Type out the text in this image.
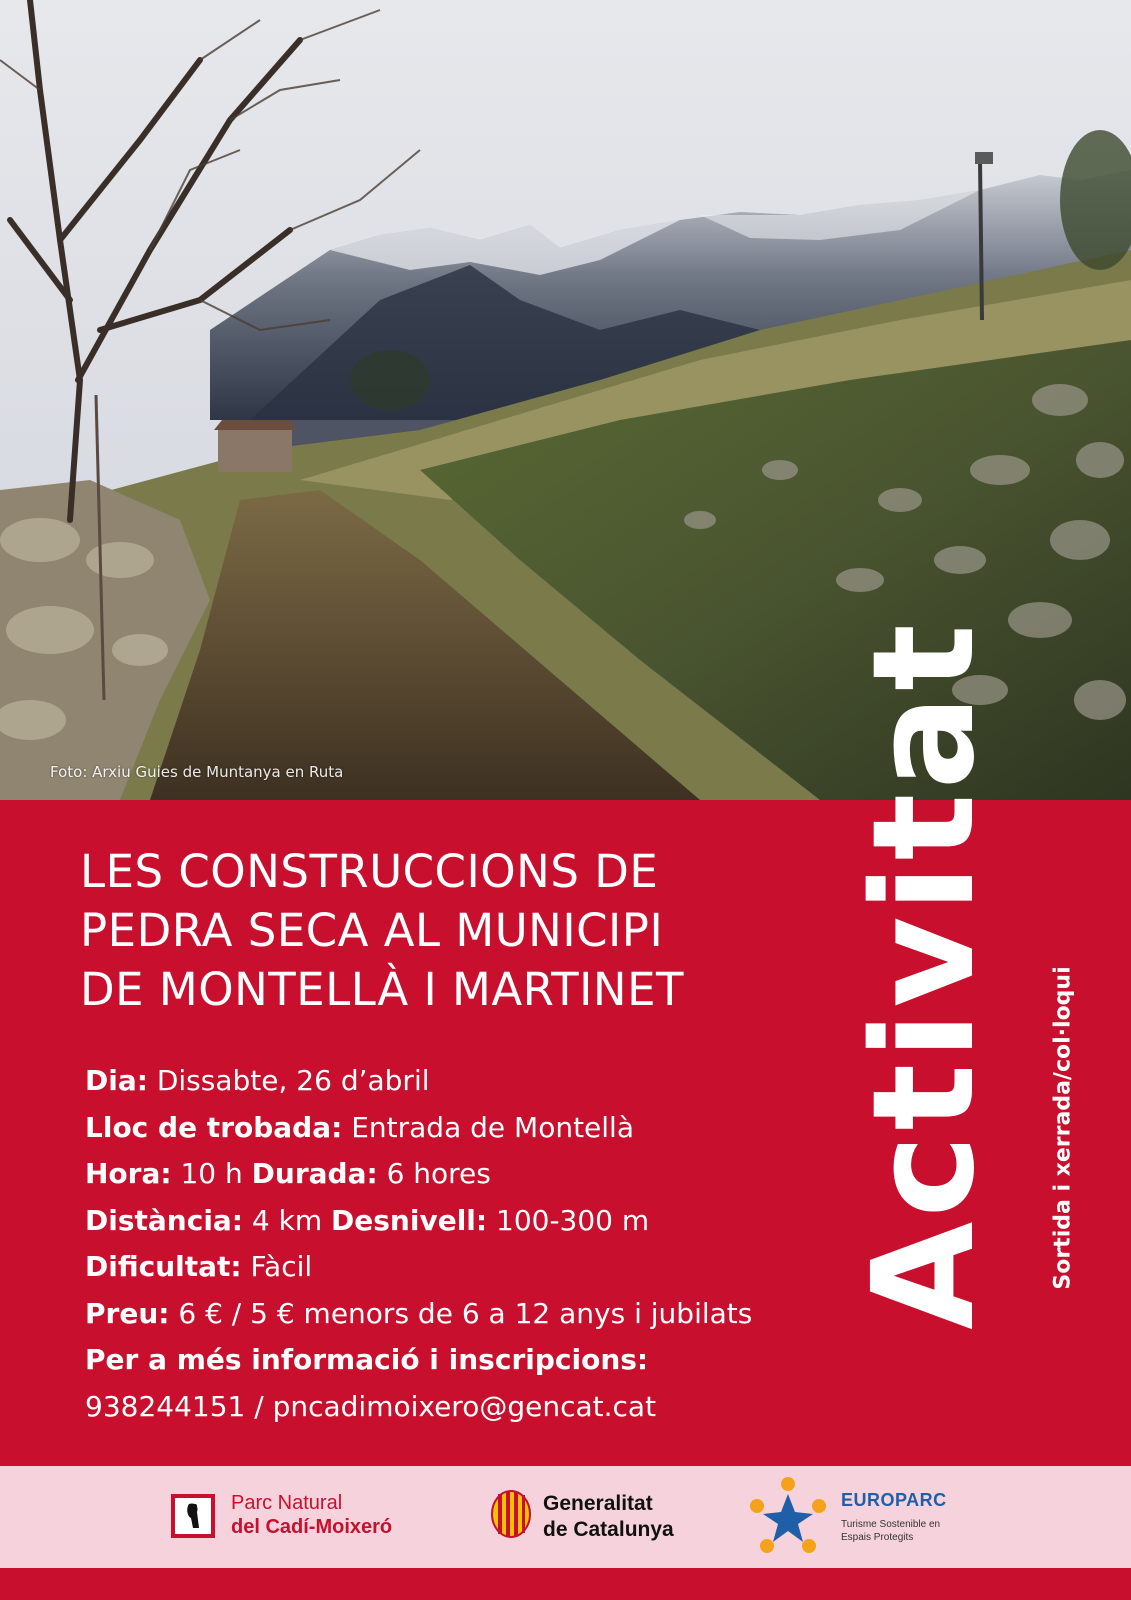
Foto: Arxiu Guies de Muntanya en Ruta
LES CONSTRUCCIONS DE
PEDRA SECA AL MUNICIPI
DE MONTELLÀ I MARTINET
Dia: Dissabte, 26 d’abril
Lloc de trobada: Entrada de Montellà
Hora: 10 h Durada: 6 hores
Distància: 4 km Desnivell: 100-300 m
Dificultat: Fàcil
Preu: 6 € / 5 € menors de 6 a 12 anys i jubilats
Per a més informació i inscripcions:
938244151 / pncadimoixero@gencat.cat
Activitat Sortida i xerrada/col·loqui
Parc Natural
del Cadí-Moixeró
Generalitat
de Catalunya
EUROPARC
Turisme Sostenible en
Espais Protegits
